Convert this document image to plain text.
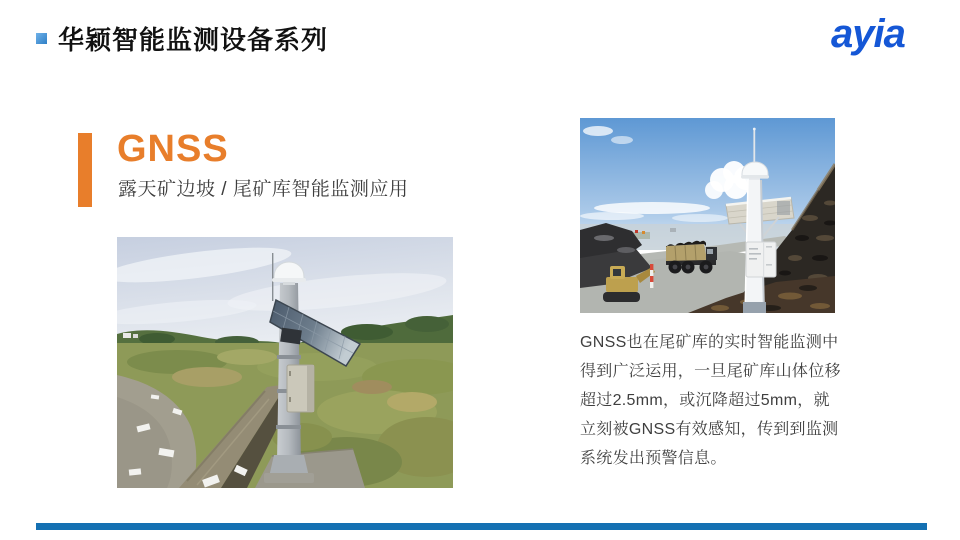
华颖智能监测设备系列	ayia
GNSS
露天矿边坡 / 尾矿库智能监测应用
GNSS也在尾矿库的实时智能监测中
得到广泛运用，一旦尾矿库山体位移
超过2.5mm，或沉降超过5mm，就
立刻被GNSS有效感知，传到到监测
系统发出预警信息。
